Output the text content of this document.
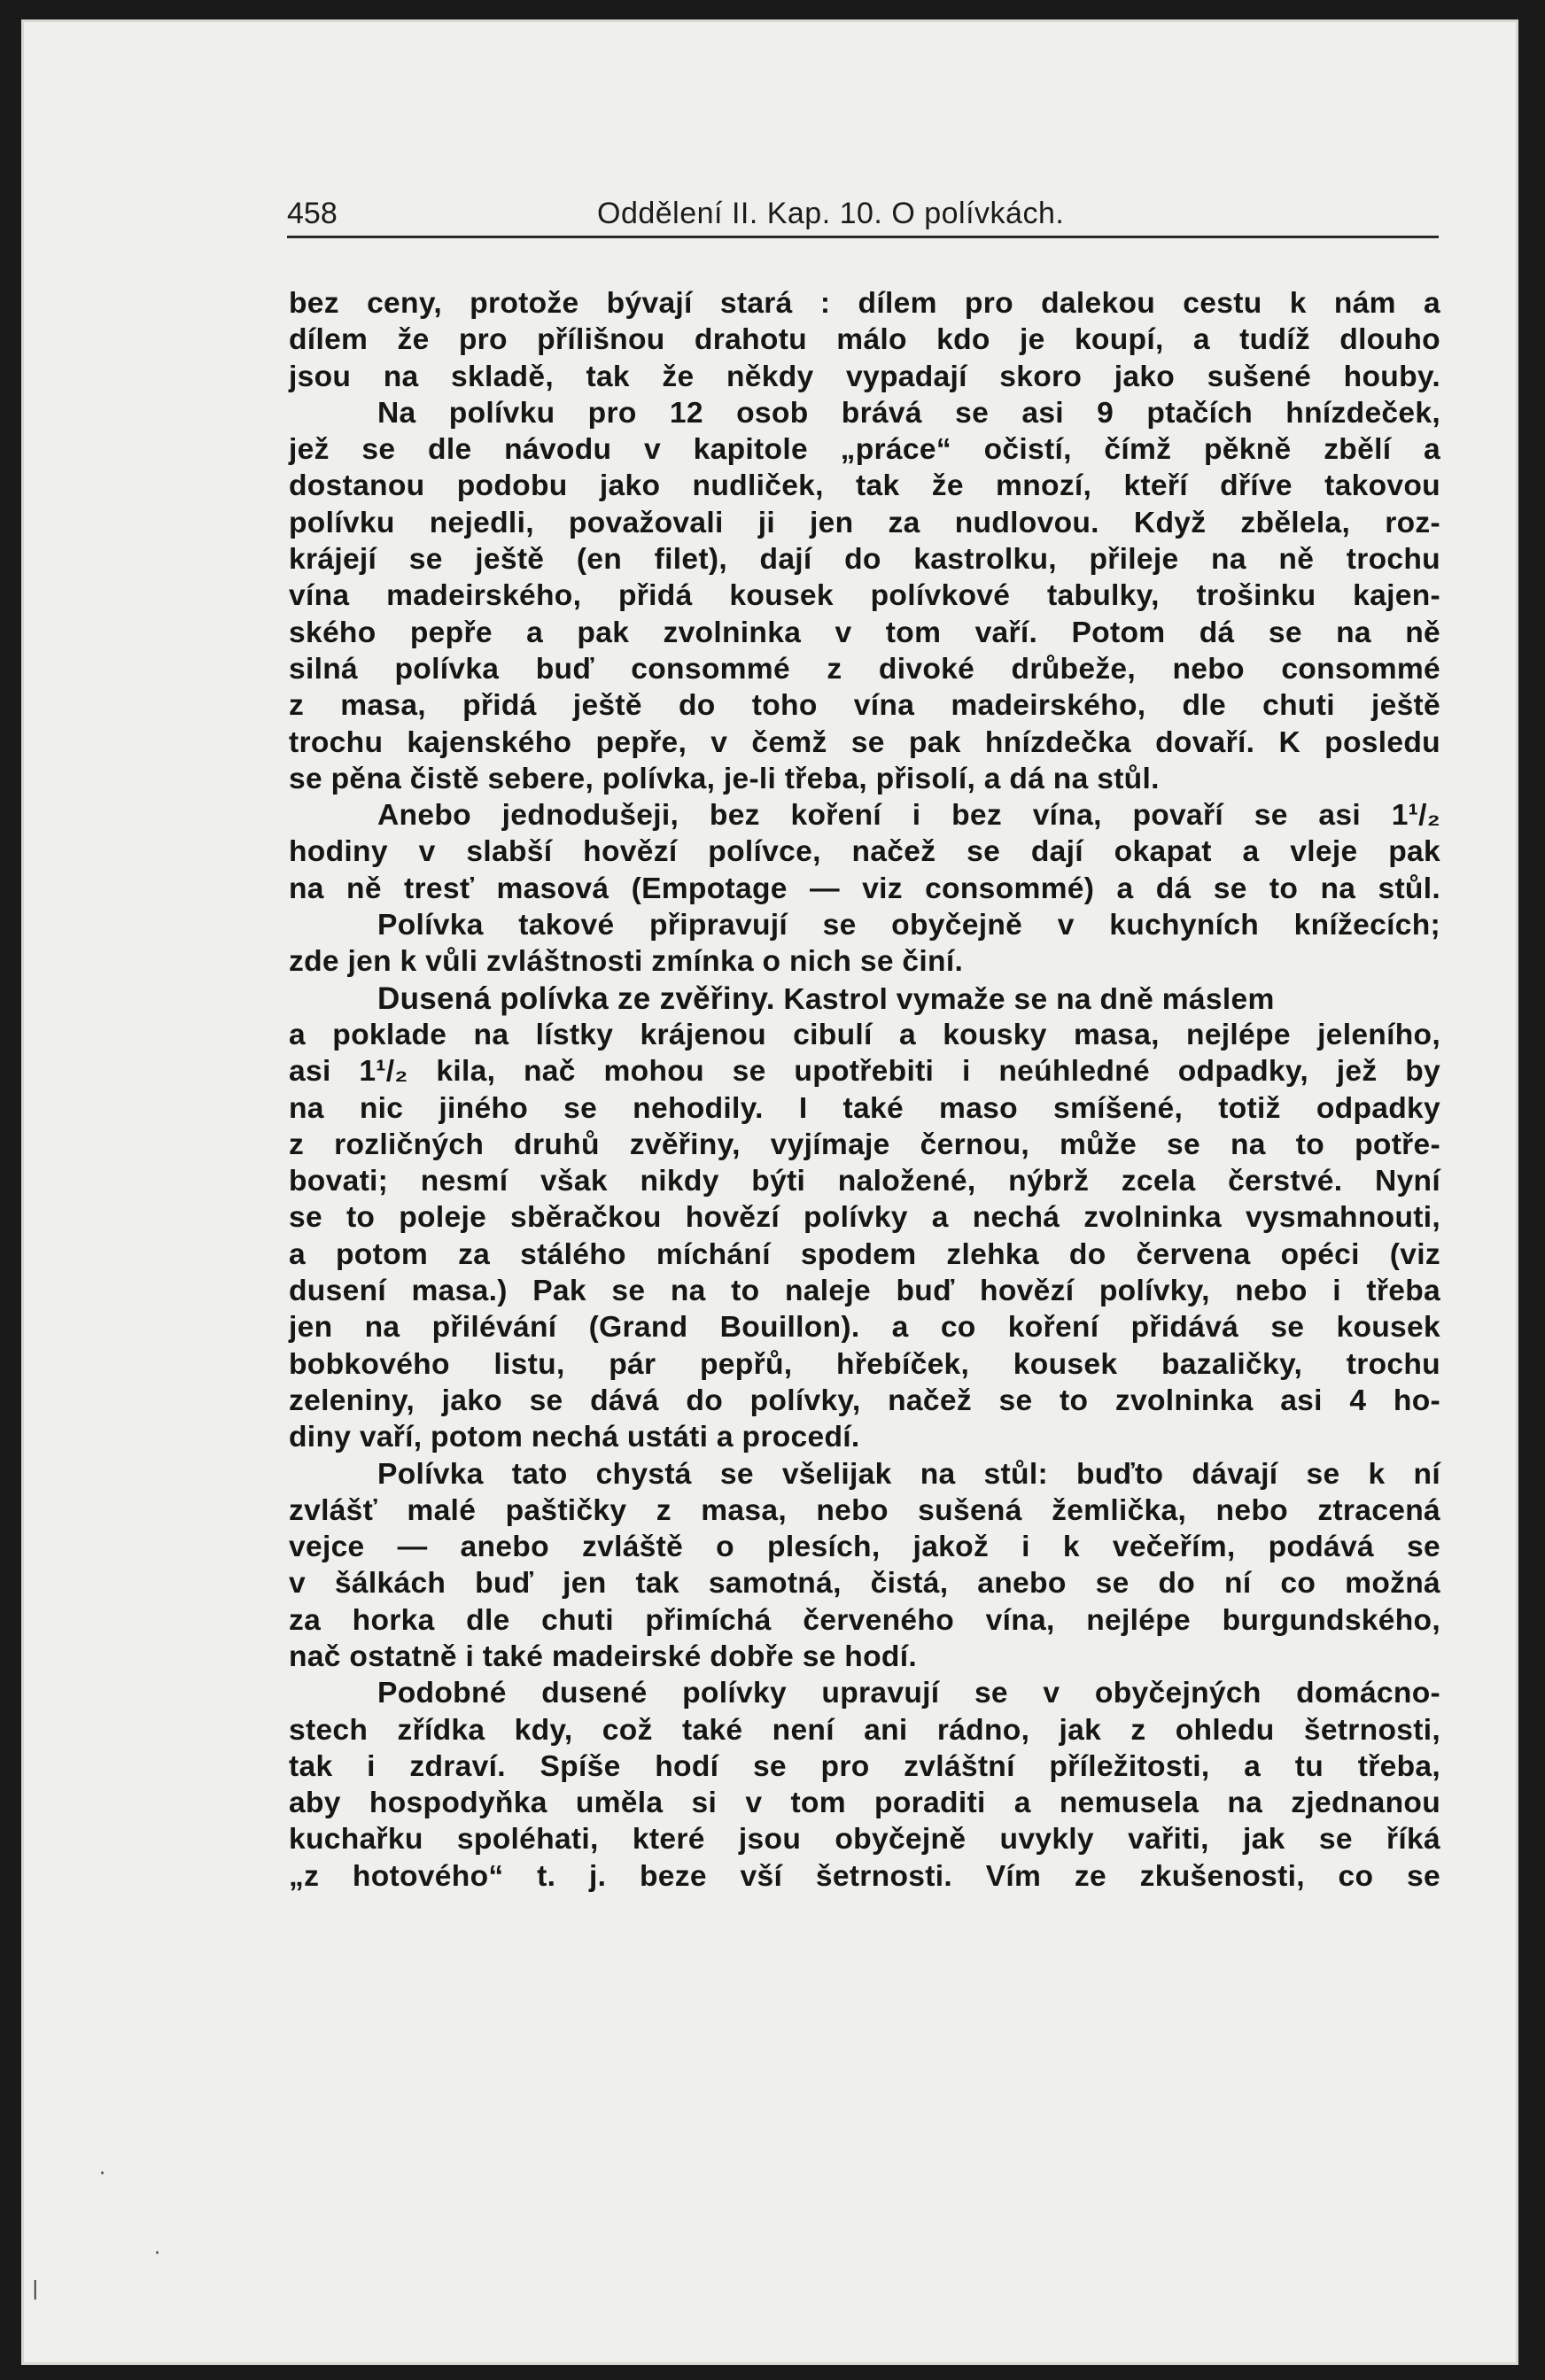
458	Oddělení II. Kap. 10. O polívkách.
bez ceny, protože bývají stará : dílem pro dalekou cestu k nám a
dílem že pro přílišnou drahotu málo kdo je koupí, a tudíž dlouho
jsou na skladě, tak že někdy vypadají skoro jako sušené houby.
Na polívku pro 12 osob brává se asi 9 ptačích hnízdeček,
jež se dle návodu v kapitole „práce“ očistí, čímž pěkně zbělí a
dostanou podobu jako nudliček, tak že mnozí, kteří dříve takovou
polívku nejedli, považovali ji jen za nudlovou. Když zbělela, roz-
krájejí se ještě (en filet), dají do kastrolku, přileje na ně trochu
vína madeirského, přidá kousek polívkové tabulky, trošinku kajen-
ského pepře a pak zvolninka v tom vaří. Potom dá se na ně
silná polívka buď consommé z divoké drůbeže, nebo consommé
z masa, přidá ještě do toho vína madeirského, dle chuti ještě
trochu kajenského pepře, v čemž se pak hnízdečka dovaří. K posledu
se pěna čistě sebere, polívka, je-li třeba, přisolí, a dá na stůl.
Anebo jednodušeji, bez koření i bez vína, povaří se asi 1¹/₂
hodiny v slabší hovězí polívce, načež se dají okapat a vleje pak
na ně tresť masová (Empotage — viz consommé) a dá se to na stůl.
Polívka takové připravují se obyčejně v kuchyních knížecích;
zde jen k vůli zvláštnosti zmínka o nich se činí.
Dusená polívka ze zvěřiny. Kastrol vymaže se na dně máslem
a poklade na lístky krájenou cibulí a kousky masa, nejlépe jeleního,
asi 1¹/₂ kila, nač mohou se upotřebiti i neúhledné odpadky, jež by
na nic jiného se nehodily. I také maso smíšené, totiž odpadky
z rozličných druhů zvěřiny, vyjímaje černou, může se na to potře-
bovati; nesmí však nikdy býti naložené, nýbrž zcela čerstvé. Nyní
se to poleje sběračkou hovězí polívky a nechá zvolninka vysmahnouti,
a potom za stálého míchání spodem zlehka do červena opéci (viz
dusení masa.) Pak se na to naleje buď hovězí polívky, nebo i třeba
jen na přilévání (Grand Bouillon). a co koření přidává se kousek
bobkového listu, pár pepřů, hřebíček, kousek bazaličky, trochu
zeleniny, jako se dává do polívky, načež se to zvolninka asi 4 ho-
diny vaří, potom nechá ustáti a procedí.
Polívka tato chystá se všelijak na stůl: buďto dávají se k ní
zvlášť malé paštičky z masa, nebo sušená žemlička, nebo ztracená
vejce — anebo zvláště o plesích, jakož i k večeřím, podává se
v šálkách buď jen tak samotná, čistá, anebo se do ní co možná
za horka dle chuti přimíchá červeného vína, nejlépe burgundského,
nač ostatně i také madeirské dobře se hodí.
Podobné dusené polívky upravují se v obyčejných domácno-
stech zřídka kdy, což také není ani rádno, jak z ohledu šetrnosti,
tak i zdraví. Spíše hodí se pro zvláštní příležitosti, a tu třeba,
aby hospodyňka uměla si v tom poraditi a nemusela na zjednanou
kuchařku spoléhati, které jsou obyčejně uvykly vařiti, jak se říká
„z hotového“ t. j. beze vší šetrnosti. Vím ze zkušenosti, co se
·
·
|
